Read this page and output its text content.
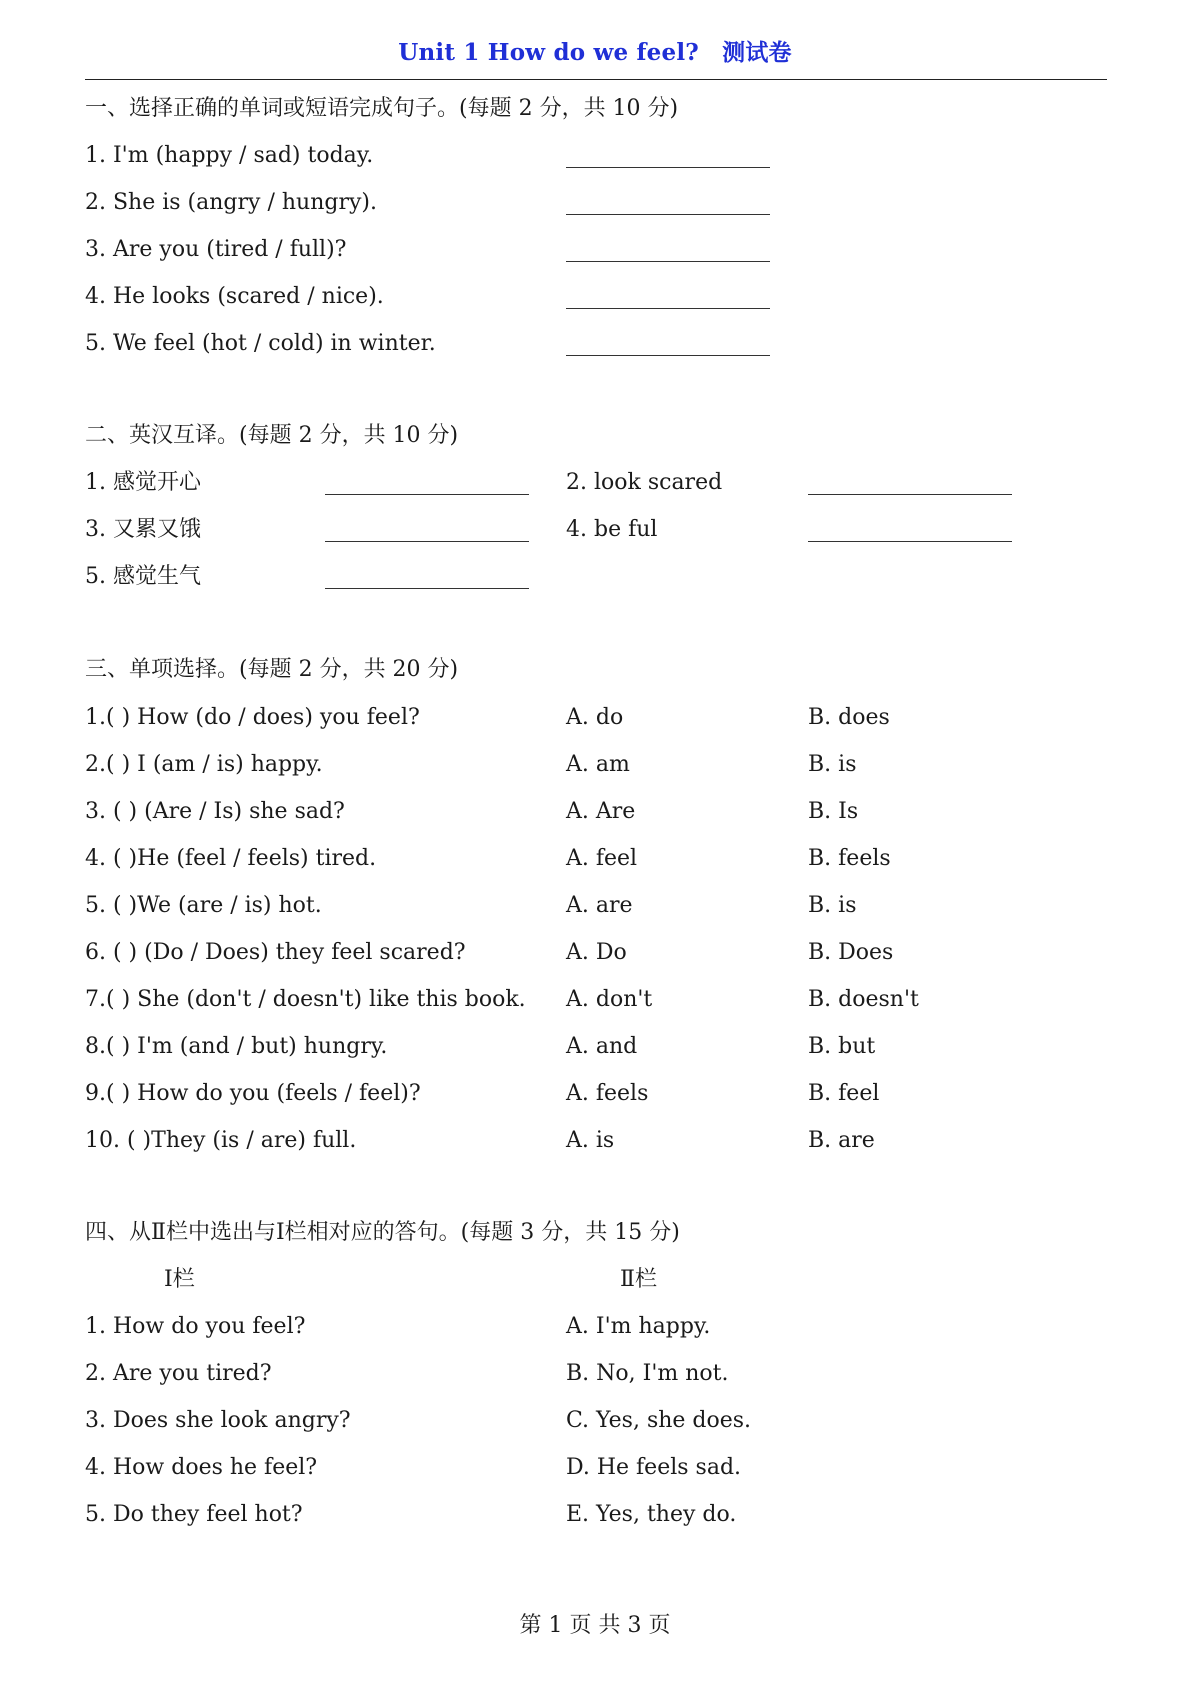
Unit 1 How do we feel?　测试卷
一、选择正确的单词或短语完成句子。(每题 2 分，共 10 分)
1. I'm (happy / sad) today.
2. She is (angry / hungry).
3. Are you (tired / full)?
4. He looks (scared / nice).
5. We feel (hot / cold) in winter.
二、英汉互译。(每题 2 分，共 10 分)
1. 感觉开心	2. look scared
3. 又累又饿	4. be ful
5. 感觉生气
三、单项选择。(每题 2 分，共 20 分)
1.( ) How (do / does) you feel?	A. do	B. does
2.( ) I (am / is) happy.	A. am	B. is
3. ( ) (Are / Is) she sad?	A. Are	B. Is
4. ( )He (feel / feels) tired.	A. feel	B. feels
5. ( )We (are / is) hot.	A. are	B. is
6. ( ) (Do / Does) they feel scared?	A. Do	B. Does
7.( ) She (don't / doesn't) like this book. A. don't	B. doesn't
8.( ) I'm (and / but) hungry.	A. and	B. but
9.( ) How do you (feels / feel)?	A. feels	B. feel
10. ( )They (is / are) full.	A. is	B. are
四、从Ⅱ栏中选出与Ⅰ栏相对应的答句。(每题 3 分，共 15 分)
Ⅰ栏	Ⅱ栏
1. How do you feel?	A. I'm happy.
2. Are you tired?	B. No, I'm not.
3. Does she look angry?	C. Yes, she does.
4. How does he feel?	D. He feels sad.
5. Do they feel hot?	E. Yes, they do.
第 1 页 共 3 页
